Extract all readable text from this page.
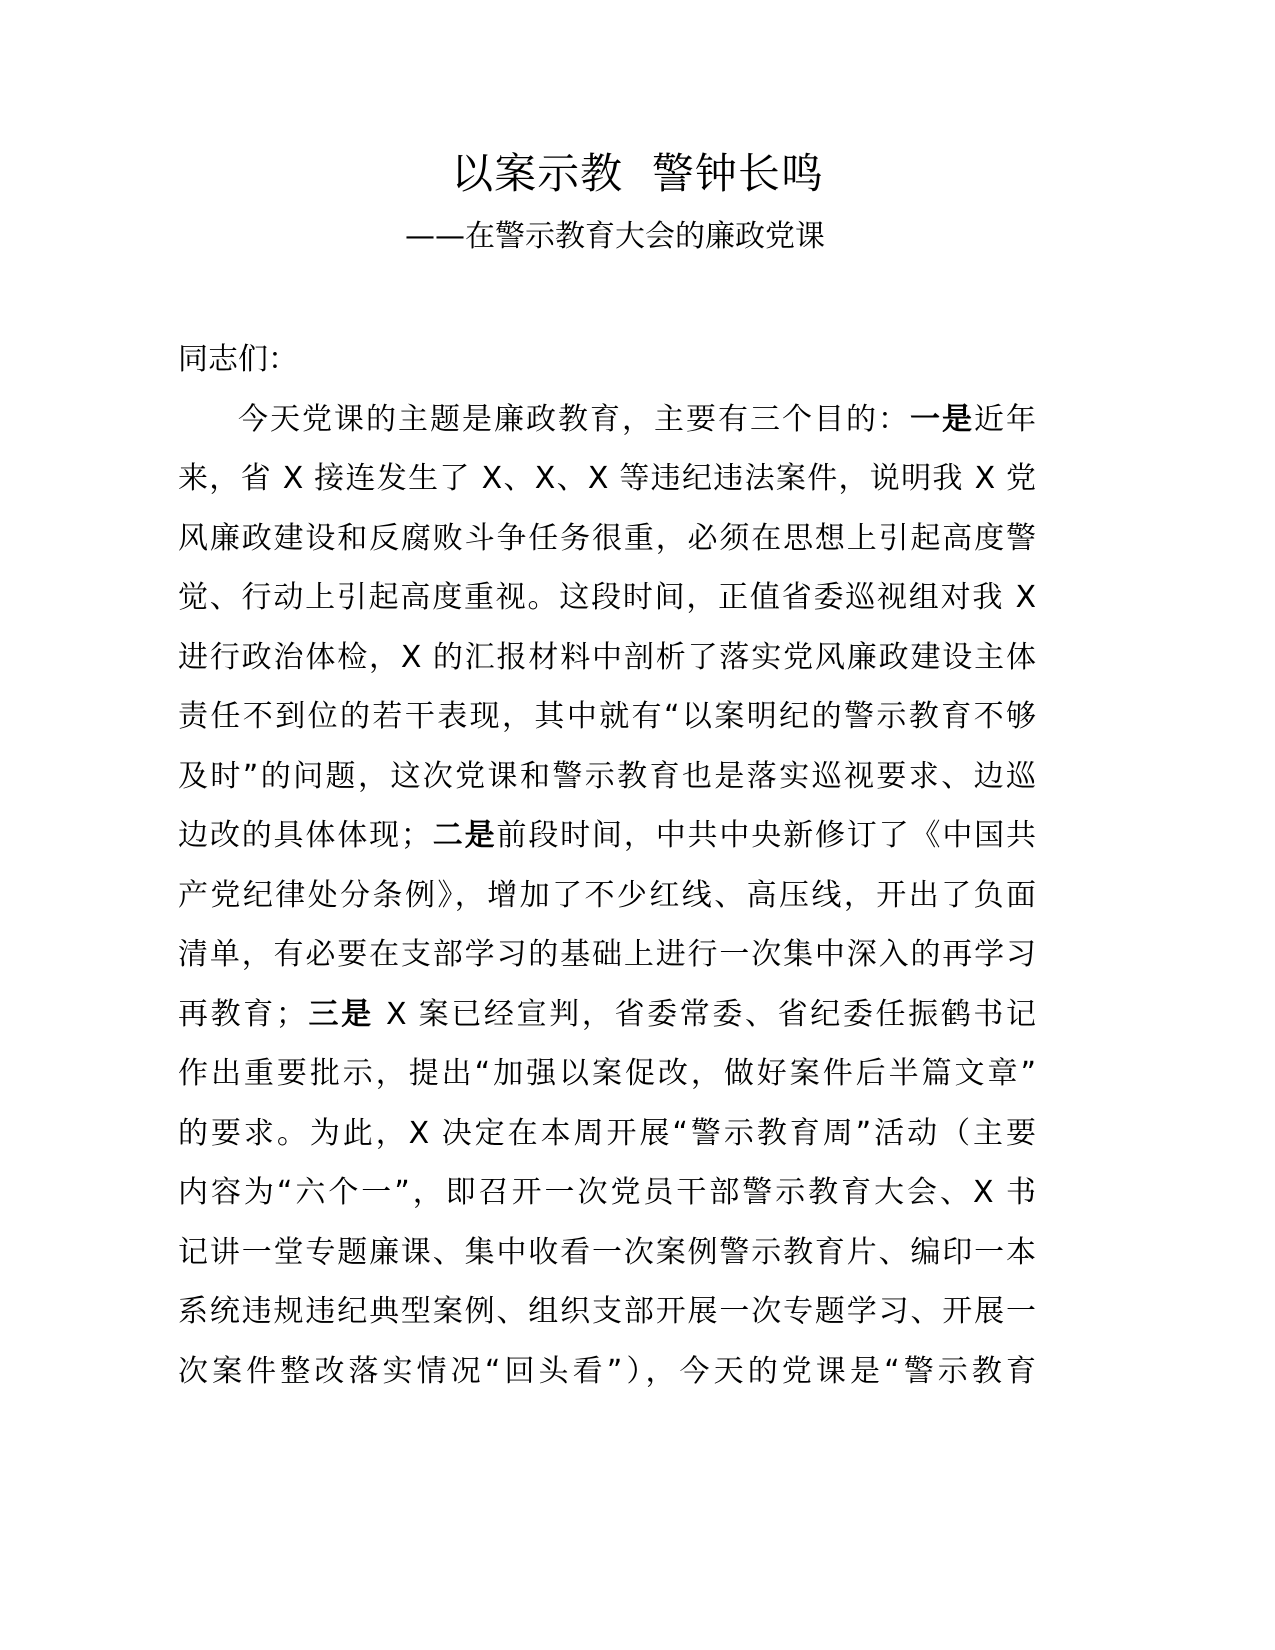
以案示教  警钟长鸣
——在警示教育大会的廉政党课
同志们：
今天党课的主题是廉政教育，主要有三个目的：一是近年
来，省 X 接连发生了 X、X、X 等违纪违法案件，说明我 X 党
风廉政建设和反腐败斗争任务很重，必须在思想上引起高度警
觉、行动上引起高度重视。这段时间，正值省委巡视组对我 X
进行政治体检，X 的汇报材料中剖析了落实党风廉政建设主体
责任不到位的若干表现，其中就有“以案明纪的警示教育不够
及时”的问题，这次党课和警示教育也是落实巡视要求、边巡
边改的具体体现；二是前段时间，中共中央新修订了《中国共
产党纪律处分条例》，增加了不少红线、高压线，开出了负面
清单，有必要在支部学习的基础上进行一次集中深入的再学习
再教育；三是 X 案已经宣判，省委常委、省纪委任振鹤书记
作出重要批示，提出“加强以案促改，做好案件后半篇文章”
的要求。为此，X 决定在本周开展“警示教育周”活动（主要
内容为“六个一”，即召开一次党员干部警示教育大会、X 书
记讲一堂专题廉课、集中收看一次案例警示教育片、编印一本
系统违规违纪典型案例、组织支部开展一次专题学习、开展一
次案件整改落实情况“回头看”），今天的党课是“警示教育
